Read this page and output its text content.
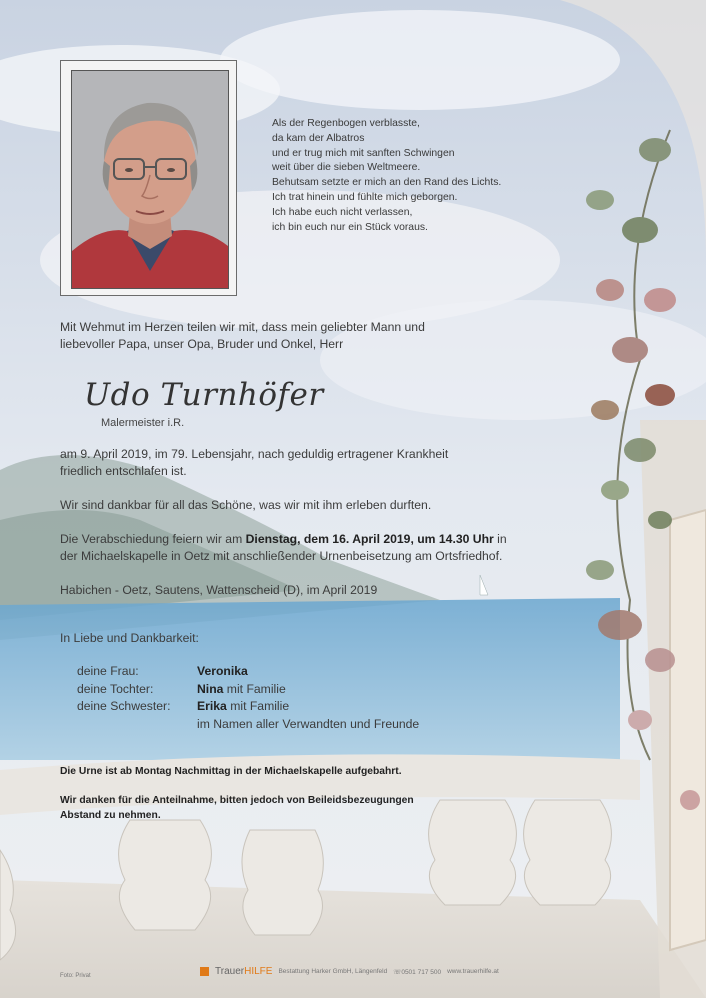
Als der Regenbogen verblasste,
da kam der Albatros
und er trug mich mit sanften Schwingen
weit über die sieben Weltmeere.
Behutsam setzte er mich an den Rand des Lichts.
Ich trat hinein und fühlte mich geborgen.
Ich habe euch nicht verlassen,
ich bin euch nur ein Stück voraus.
Mit Wehmut im Herzen teilen wir mit, dass mein geliebter Mann und
liebevoller Papa, unser Opa, Bruder und Onkel, Herr
Udo Turnhöfer
Malermeister i.R.
am 9. April 2019, im 79. Lebensjahr, nach geduldig ertragener Krankheit
friedlich entschlafen ist.
Wir sind dankbar für all das Schöne, was wir mit ihm erleben durften.
Die Verabschiedung feiern wir am Dienstag, dem 16. April 2019, um 14.30 Uhr in
der Michaelskapelle in Oetz mit anschließender Urnenbeisetzung am Ortsfriedhof.
Habichen - Oetz, Sautens, Wattenscheid (D), im April 2019
In Liebe und Dankbarkeit:
deine Frau:	Veronika
deine Tochter:	Nina mit Familie
deine Schwester:	Erika mit Familie
	im Namen aller Verwandten und Freunde
Die Urne ist ab Montag Nachmittag in der Michaelskapelle aufgebahrt.
Wir danken für die Anteilnahme, bitten jedoch von Beileidsbezeugungen
Abstand zu nehmen.
Foto: Privat	TrauerHILFE Bestattung Harker GmbH, Längenfeld ☏0501 717 500 www.trauerhilfe.at
